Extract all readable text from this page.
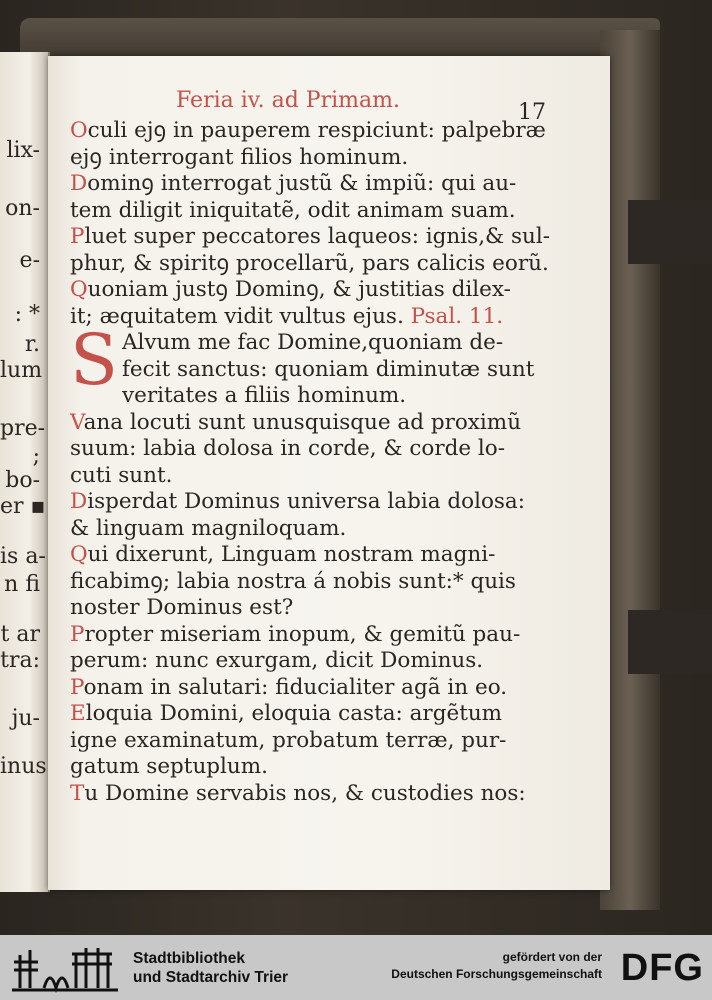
lix-
on-
e-
: *
r.
lum
pre-
;
bo-
er ▪
is a-
n fi
t ar
tra:
ju-
inus
Feria iv. ad Primam.	17
Oculi ejꝯ in pauperem respiciunt: palpebræ
ejꝯ interrogant filios hominum.
Dominꝯ interrogat justũ & impiũ: qui au-
tem diligit iniquitatẽ, odit animam suam.
Pluet super peccatores laqueos: ignis,& sul-
phur, & spiritꝯ procellarũ, pars calicis eorũ.
Quoniam justꝯ Dominꝯ, & justitias dilex-
it; æquitatem vidit vultus ejus. Psal. 11.
S Alvum me fac Domine,quoniam de-
fecit sanctus: quoniam diminutæ sunt
veritates a filiis hominum.
Vana locuti sunt unusquisque ad proximũ
suum: labia dolosa in corde, & corde lo-
cuti sunt.
Disperdat Dominus universa labia dolosa:
& linguam magniloquam.
Qui dixerunt, Linguam nostram magni-
ficabimꝯ; labia nostra á nobis sunt:* quis
noster Dominus est?
Propter miseriam inopum, & gemitũ pau-
perum: nunc exurgam, dicit Dominus.
Ponam in salutari: fiducialiter agã in eo.
Eloquia Domini, eloquia casta: argẽtum
igne examinatum, probatum terræ, pur-
gatum septuplum.
Tu Domine servabis nos, & custodies nos:
Stadtbibliothek
und Stadtarchiv Trier
gefördert von der
Deutschen Forschungsgemeinschaft DFG
